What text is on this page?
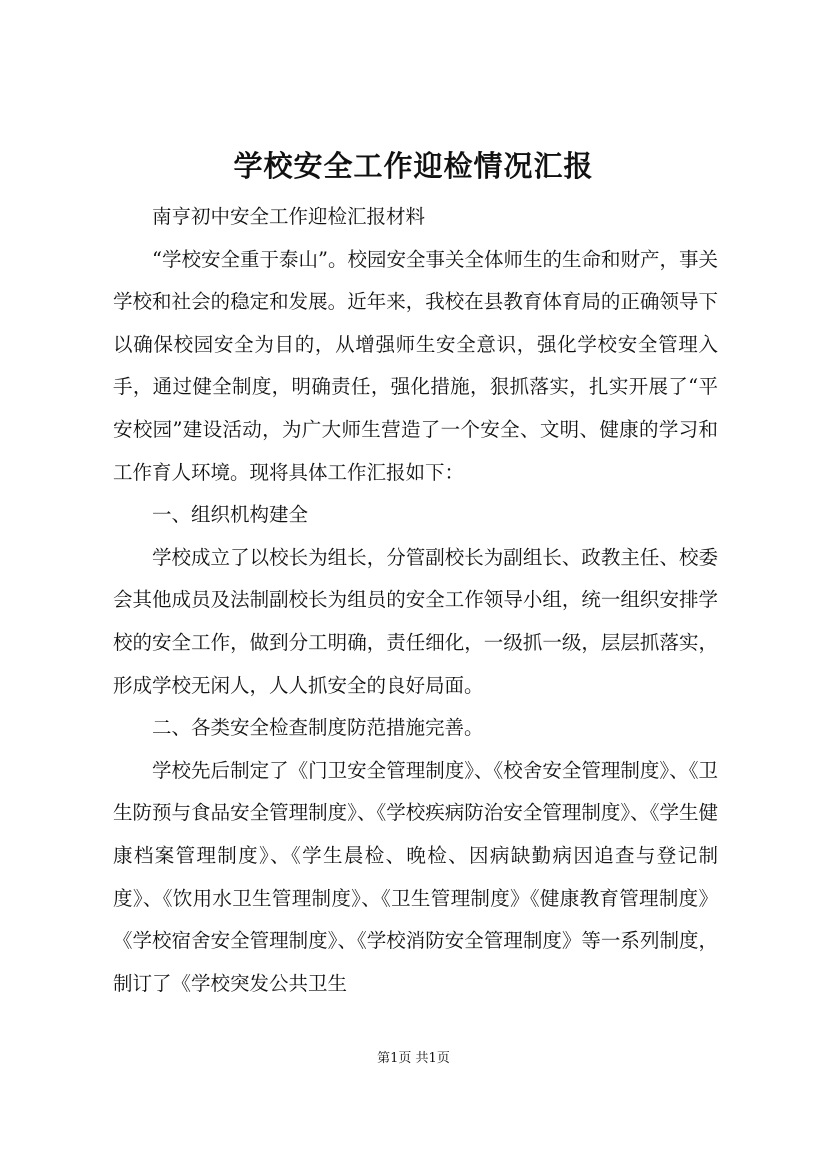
学校安全工作迎检情况汇报

南亨初中安全工作迎检汇报材料

“学校安全重于泰山”。校园安全事关全体师生的生命和财产，事关学校和社会的稳定和发展。近年来，我校在县教育体育局的正确领导下以确保校园安全为目的，从增强师生安全意识，强化学校安全管理入手，通过健全制度，明确责任，强化措施，狠抓落实，扎实开展了“平安校园”建设活动，为广大师生营造了一个安全、文明、健康的学习和工作育人环境。现将具体工作汇报如下：

一、组织机构建全

学校成立了以校长为组长，分管副校长为副组长、政教主任、校委会其他成员及法制副校长为组员的安全工作领导小组，统一组织安排学校的安全工作，做到分工明确，责任细化，一级抓一级，层层抓落实，形成学校无闲人，人人抓安全的良好局面。

二、各类安全检查制度防范措施完善。

学校先后制定了《门卫安全管理制度》、《校舍安全管理制度》、《卫生防预与食品安全管理制度》、《学校疾病防治安全管理制度》、《学生健康档案管理制度》、《学生晨检、晚检、因病缺勤病因追查与登记制度》、《饮用水卫生管理制度》、《卫生管理制度》《健康教育管理制度》《学校宿舍安全管理制度》、《学校消防安全管理制度》等一系列制度，制订了《学校突发公共卫生

第1页 共1页
